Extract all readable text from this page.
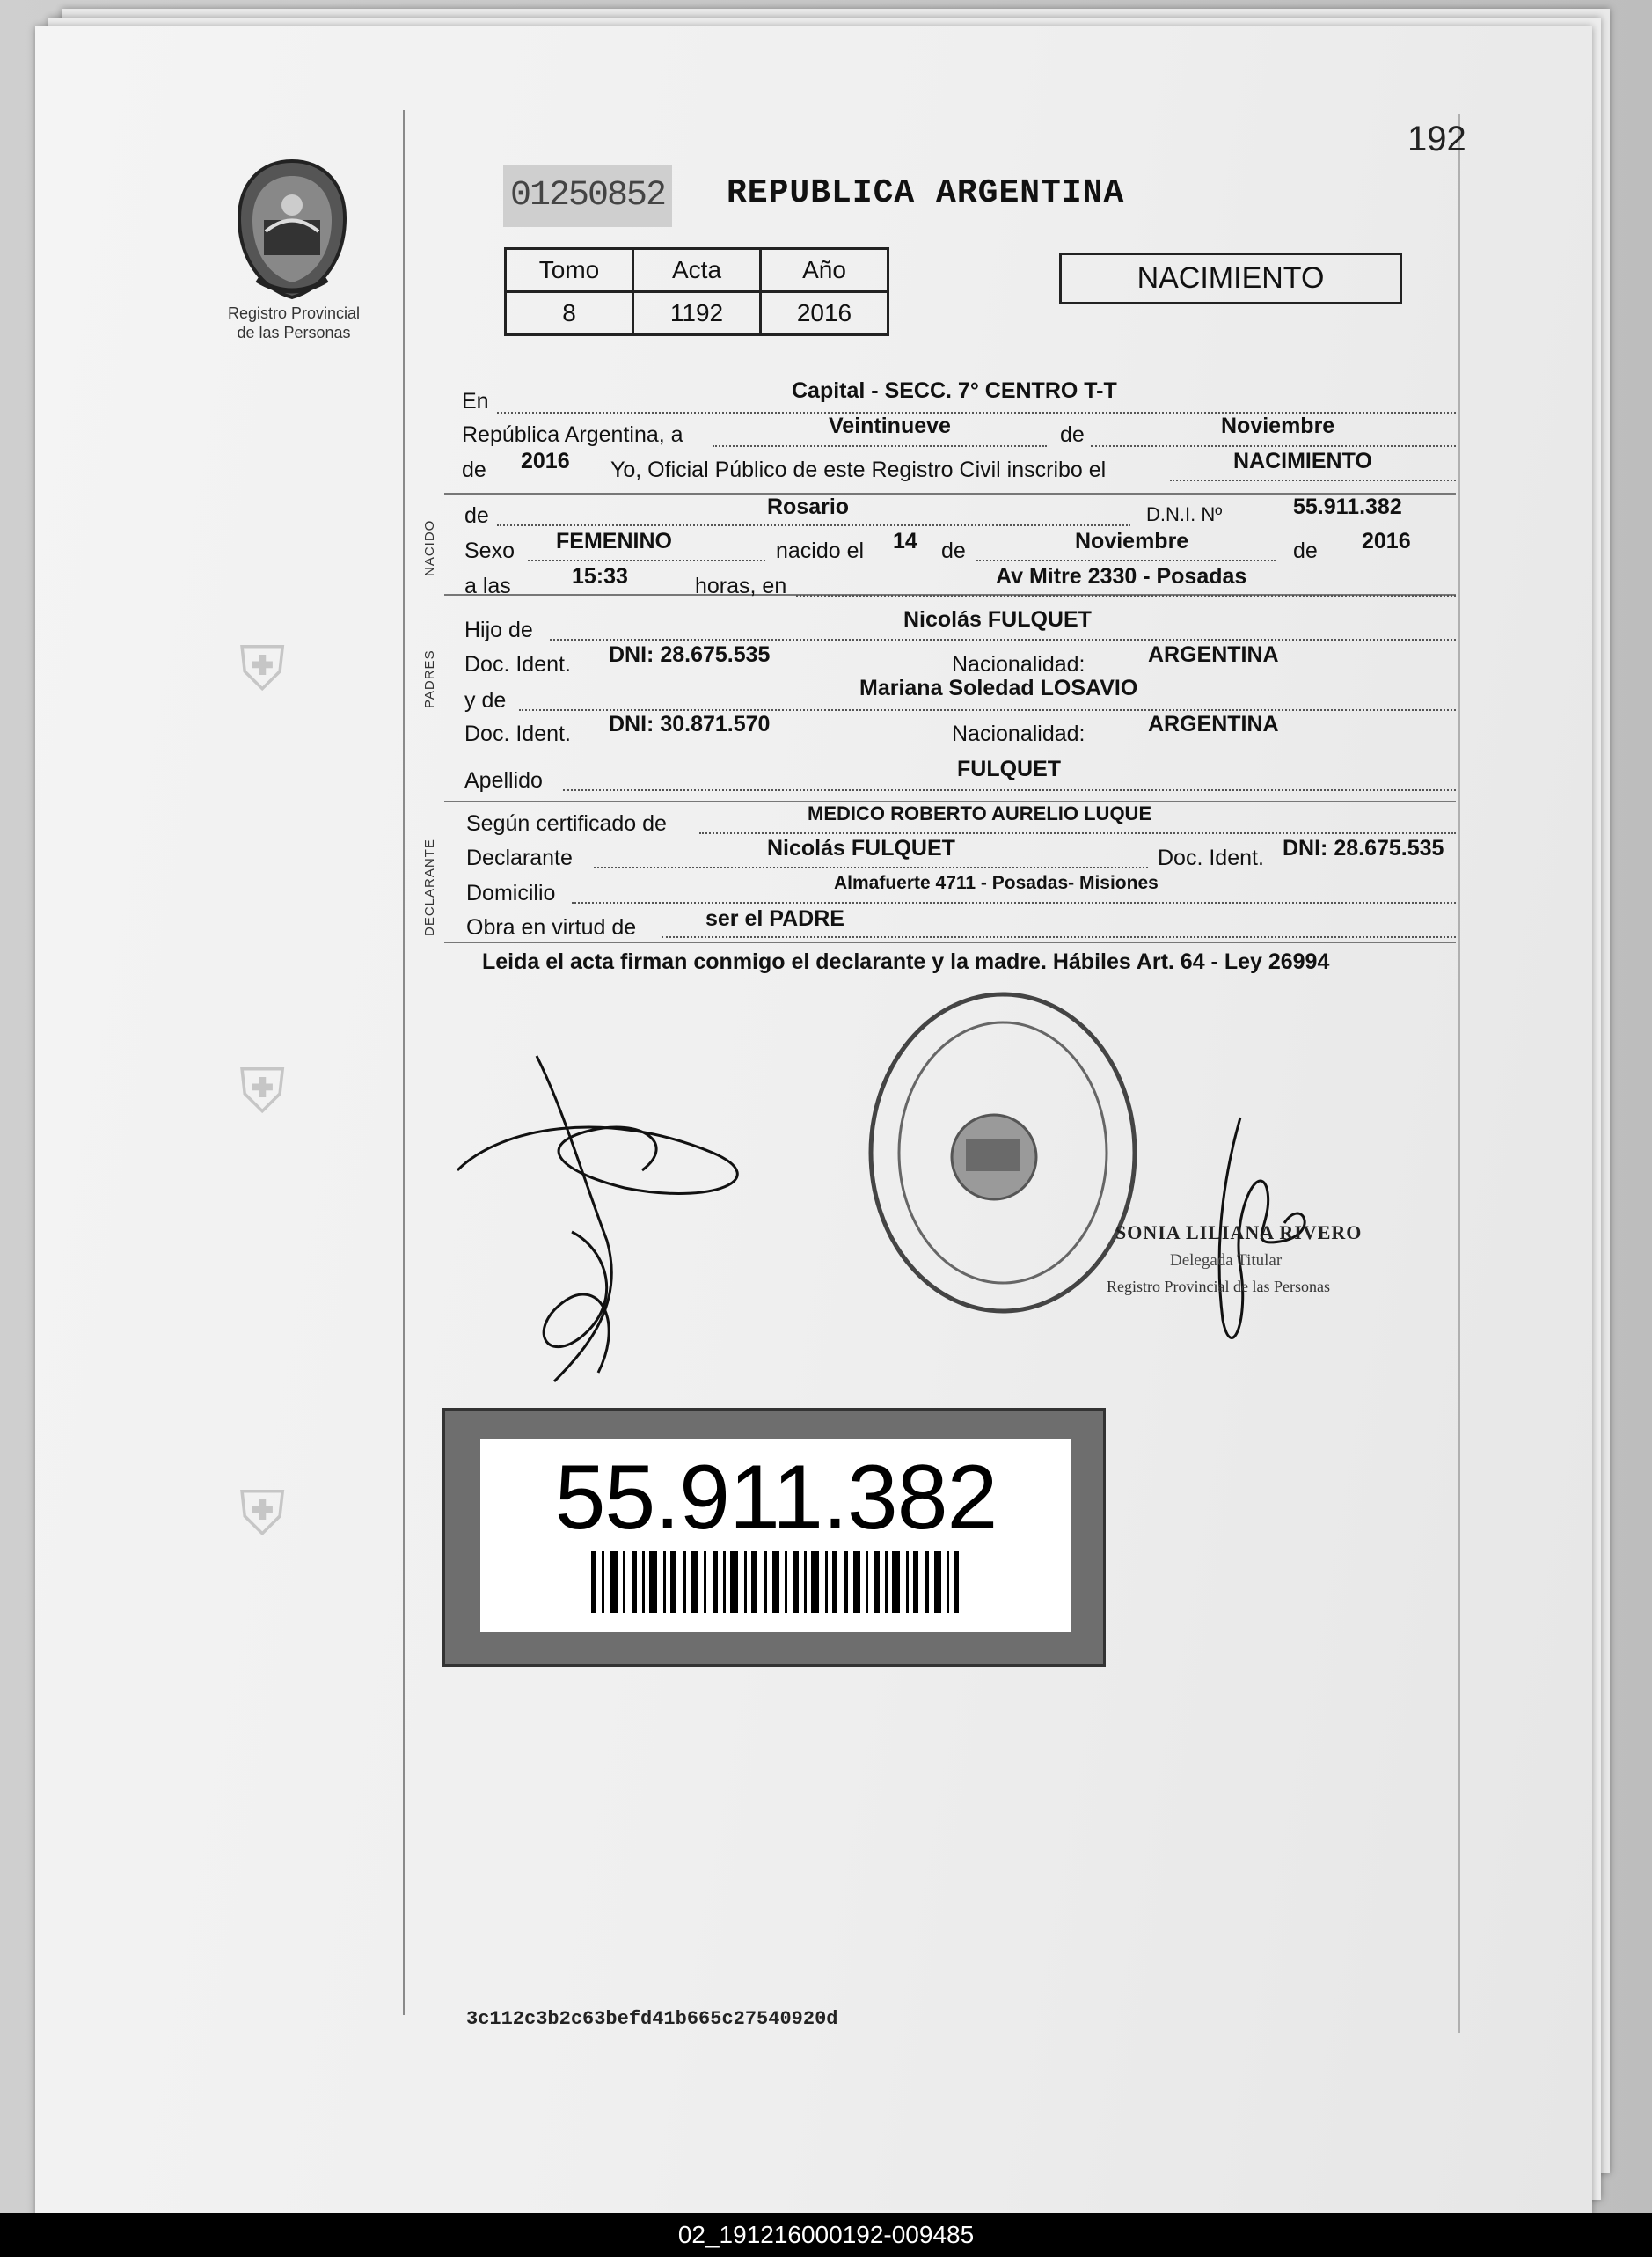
Registro Provincial
de las Personas
⛨
⛨
⛨
192
01250852 REPUBLICA ARGENTINA
Tomo	Acta	Año
8	1192	2016
NACIMIENTO
NACIDO
PADRES
DECLARANTE
En	Capital - SECC. 7° CENTRO T-T
República Argentina, a	Veintinueve	de	Noviembre
de 2016 Yo, Oficial Público de este Registro Civil inscribo el	NACIMIENTO
de	Rosario	D.N.I. Nº	55.911.382
Sexo FEMENINO	nacido el 14 de	Noviembre	de 2016
a las	15:33	horas, en	Av Mitre 2330 - Posadas
Hijo de	Nicolás FULQUET
Doc. Ident. DNI: 28.675.535	Nacionalidad:	ARGENTINA
y de	Mariana Soledad LOSAVIO
Doc. Ident. DNI: 30.871.570	Nacionalidad:	ARGENTINA
Apellido	FULQUET
Según certificado de	MEDICO ROBERTO AURELIO LUQUE
Declarante	Nicolás FULQUET	Doc. Ident. DNI: 28.675.535
Domicilio	Almafuerte 4711 - Posadas- Misiones
Obra en virtud de	ser el PADRE
Leida el acta firman conmigo el declarante y la madre. Hábiles Art. 64 - Ley 26994
SONIA LILIANA RIVERO
Delegada Titular
Registro Provincial de las Personas
55.911.382
3c112c3b2c63befd41b665c27540920d
02_191216000192-009485
